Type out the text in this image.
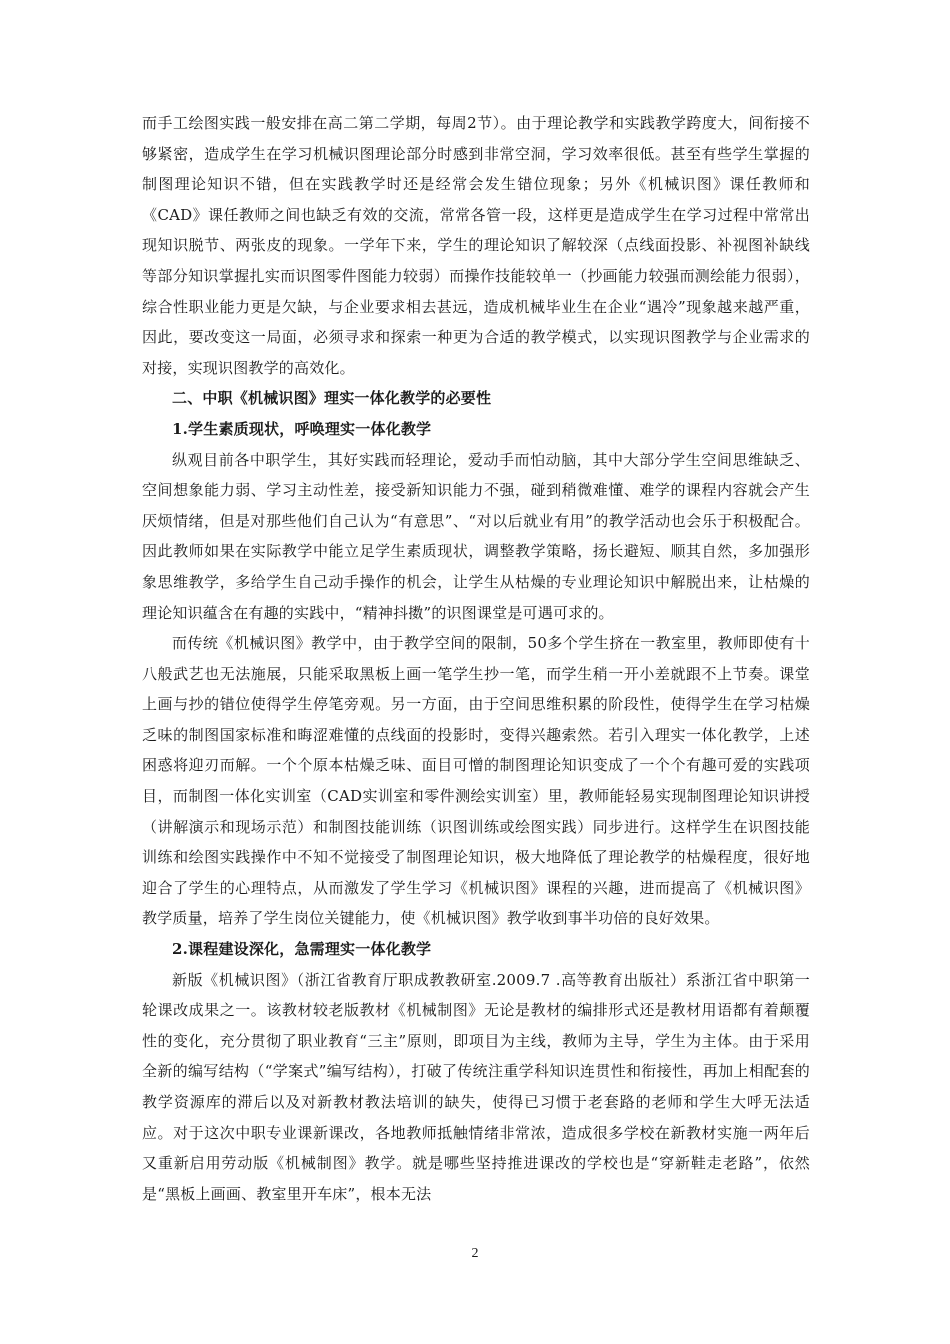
而手工绘图实践一般安排在高二第二学期，每周2节）。由于理论教学和实践教学跨度大，间衔接不够紧密，造成学生在学习机械识图理论部分时感到非常空洞，学习效率很低。甚至有些学生掌握的制图理论知识不错，但在实践教学时还是经常会发生错位现象；另外《机械识图》课任教师和《CAD》课任教师之间也缺乏有效的交流，常常各管一段，这样更是造成学生在学习过程中常常出现知识脱节、两张皮的现象。一学年下来，学生的理论知识了解较深（点线面投影、补视图补缺线等部分知识掌握扎实而识图零件图能力较弱）而操作技能较单一（抄画能力较强而测绘能力很弱），综合性职业能力更是欠缺，与企业要求相去甚远，造成机械毕业生在企业“遇冷”现象越来越严重，因此，要改变这一局面，必须寻求和探索一种更为合适的教学模式，以实现识图教学与企业需求的对接，实现识图教学的高效化。

二、中职《机械识图》理实一体化教学的必要性

1.学生素质现状，呼唤理实一体化教学

纵观目前各中职学生，其好实践而轻理论，爱动手而怕动脑，其中大部分学生空间思维缺乏、空间想象能力弱、学习主动性差，接受新知识能力不强，碰到稍微难懂、难学的课程内容就会产生厌烦情绪，但是对那些他们自己认为“有意思”、“对以后就业有用”的教学活动也会乐于积极配合。因此教师如果在实际教学中能立足学生素质现状，调整教学策略，扬长避短、顺其自然，多加强形象思维教学，多给学生自己动手操作的机会，让学生从枯燥的专业理论知识中解脱出来，让枯燥的理论知识蕴含在有趣的实践中，“精神抖擞”的识图课堂是可遇可求的。

而传统《机械识图》教学中，由于教学空间的限制，50多个学生挤在一教室里，教师即使有十八般武艺也无法施展，只能采取黑板上画一笔学生抄一笔，而学生稍一开小差就跟不上节奏。课堂上画与抄的错位使得学生停笔旁观。另一方面，由于空间思维积累的阶段性，使得学生在学习枯燥乏味的制图国家标准和晦涩难懂的点线面的投影时，变得兴趣索然。若引入理实一体化教学，上述困惑将迎刃而解。一个个原本枯燥乏味、面目可憎的制图理论知识变成了一个个有趣可爱的实践项目，而制图一体化实训室（CAD实训室和零件测绘实训室）里，教师能轻易实现制图理论知识讲授（讲解演示和现场示范）和制图技能训练（识图训练或绘图实践）同步进行。这样学生在识图技能训练和绘图实践操作中不知不觉接受了制图理论知识，极大地降低了理论教学的枯燥程度，很好地迎合了学生的心理特点，从而激发了学生学习《机械识图》课程的兴趣，进而提高了《机械识图》教学质量，培养了学生岗位关键能力，使《机械识图》教学收到事半功倍的良好效果。

2.课程建设深化，急需理实一体化教学

新版《机械识图》（浙江省教育厅职成教教研室.2009.7 .高等教育出版社）系浙江省中职第一轮课改成果之一。该教材较老版教材《机械制图》无论是教材的编排形式还是教材用语都有着颠覆性的变化，充分贯彻了职业教育“三主”原则，即项目为主线，教师为主导，学生为主体。由于采用全新的编写结构（“学案式”编写结构），打破了传统注重学科知识连贯性和衔接性，再加上相配套的教学资源库的滞后以及对新教材教法培训的缺失，使得已习惯于老套路的老师和学生大呼无法适应。对于这次中职专业课新课改，各地教师抵触情绪非常浓，造成很多学校在新教材实施一两年后又重新启用劳动版《机械制图》教学。就是哪些坚持推进课改的学校也是“穿新鞋走老路”，依然是“黑板上画画、教室里开车床”，根本无法

2
